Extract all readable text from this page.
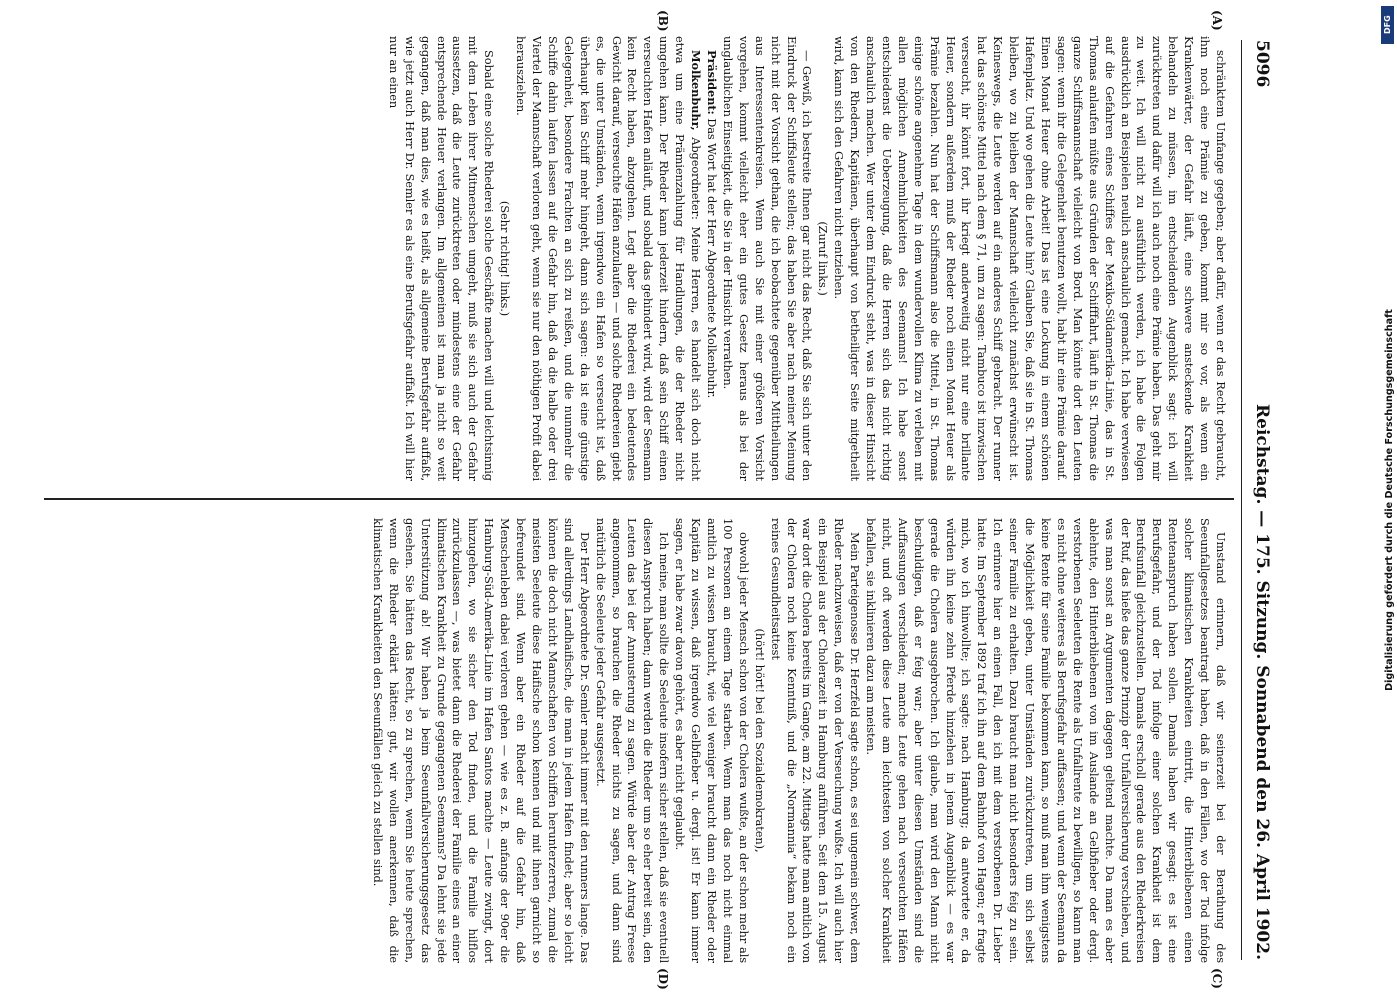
5096
Reichstag. — 175. Sitzung. Sonnabend den 26. April 1902.
(A)
(B)
(C)
(D)

schränktem Umfange gegeben; aber dafür, wenn er das Recht gebraucht, ihm noch eine Prämie zu geben, kommt mir so vor, als wenn ein Krankenwärter, der Gefahr läuft, eine schwere ansteckende Krankheit behandeln zu müssen, im entscheidenden Augenblick sagt: ich will zurücktreten und dafür will ich auch noch eine Prämie haben. Das geht mir zu weit. Ich will nicht zu ausführlich werden, ich habe die Folgen ausdrücklich an Beispielen neulich anschaulich gemacht. Ich habe verwiesen auf die Gefahren eines Schiffes der Mexiko-Südamerika-Linie, das in St. Thomas anlaufen müßte aus Gründen der Schifffahrt, läuft in St. Thomas die ganze Schiffsmannschaft vielleicht von Bord. Man könnte dort den Leuten sagen: wenn ihr die Gelegenheit benutzen wollt, habt ihr eine Prämie darauf. Einen Monat Heuer ohne Arbeit! Das ist eine Lockung in einem schönen Hafenplatz. Und wo gehen die Leute hin? Glauben Sie, daß sie in St. Thomas bleiben, wo zu bleiben der Mannschaft vielleicht zunächst erwünscht ist. Keineswegs, die Leute werden auf ein anderes Schiff gebracht. Der runner hat das schönste Mittel nach dem § 71, um zu sagen: Tambuco ist inzwischen verseucht, ihr könnt fort, ihr kriegt anderweitig nicht nur eine brillante Heuer, sondern außerdem muß der Rheder noch einen Monat Heuer als Prämie bezahlen. Nun hat der Schiffsmann also die Mittel, in St. Thomas einige schöne angenehme Tage in dem wundervollen Klima zu verleben mit allen möglichen Annehmlichkeiten des Seemanns! Ich habe sonst entschiedenst die Ueberzeugung, daß die Herren sich das nicht richtig anschaulich machen. Wer unter dem Eindruck steht, was in dieser Hinsicht von den Rhedern, Kapitänen, überhaupt von betheiligter Seite mitgetheilt wird, kann sich den Gefahren nicht entziehen.

(Zuruf links.)

— Gewiß, ich bestreite Ihnen gar nicht das Recht, daß Sie sich unter den Eindruck der Schiffsleute stellen; das haben Sie aber nach meiner Meinung nicht mit der Vorsicht gethan, die ich beobachtete gegenüber Mittheilungen aus Interessentenkreisen. Wenn auch Sie mit einer größeren Vorsicht vorgehen, kommt vielleicht eher ein gutes Gesetz heraus als bei der unglaublichen Einseitigkeit, die Sie in der Hinsicht verrathen.

Präsident: Das Wort hat der Herr Abgeordnete Molkenbuhr.

Molkenbuhr, Abgeordneter: Meine Herren, es handelt sich doch nicht etwa um eine Prämienzahlung für Handlungen, die der Rheder nicht umgehen kann. Der Rheder kann jederzeit hindern, daß sein Schiff einen verseuchten Hafen anläuft, und sobald das gehindert wird, wird der Seemann kein Recht haben, abzugehen. Legt aber die Rhederei ein bedeutendes Gewicht darauf, verseuchte Häfen anzulaufen — und solche Rhedereien giebt es, die unter Umständen, wenn irgendwo ein Hafen so verseucht ist, daß überhaupt kein Schiff mehr hingeht, dann sich sagen: da ist eine günstige Gelegenheit, besondere Frachten an sich zu reißen, und die nunmehr die Schiffe dahin laufen lassen auf die Gefahr hin, daß da die halbe oder drei Viertel der Mannschaft verloren geht, wenn sie nur den nöthigen Profit dabei herausziehen.

(Sehr richtig! links.)

Sobald eine solche Rhederei solche Geschäfte machen will und leichtsinnig mit dem Leben ihrer Mitmenschen umgeht, muß sie sich auch der Gefahr aussetzen, daß die Leute zurücktreten oder mindestens eine der Gefahr entsprechende Heuer verlangen. Im allgemeinen ist man ja nicht so weit gegangen, daß man dies, wie es heißt, als allgemeine Berufsgefahr auffaßt, wie jetzt auch Herr Dr. Semler es als eine Berufsgefahr auffaßt. Ich will hier nur an einen

Umstand erinnern, daß wir seinerzeit bei der Berathung des Seeunfallgesetzes beantragt haben, daß in den Fällen, wo der Tod infolge solcher klimatischen Krankheiten eintritt, die Hinterbliebenen einen Rentenanspruch haben sollen. Damals haben wir gesagt: es ist eine Berufsgefahr, und der Tod infolge einer solchen Krankheit ist dem Berufsunfall gleichzustellen. Damals erscholl gerade aus den Rhederkreisen der Ruf, das hieße das ganze Prinzip der Unfallversicherung verschieben, und was man sonst an Argumenten dagegen geltend machte. Da man es aber ablehnte, den Hinterbliebenen von im Auslande an Gelbfieber oder dergl. verstorbenen Seeleuten die Rente als Unfallrente zu bewilligen, so kann man es nicht ohne weiteres als Berufsgefahr auffassen; und wenn der Seemann da keine Rente für seine Familie bekommen kann, so muß man ihm wenigstens die Möglichkeit geben, unter Umständen zurückzutreten, um sich selbst seiner Familie zu erhalten. Dazu braucht man nicht besonders feig zu sein. Ich erinnere hier an einen Fall, den ich mit dem verstorbenen Dr. Lieber hatte. Im September 1892 traf ich ihn auf dem Bahnhof von Hagen; er fragte mich, wo ich hinwollte; ich sagte: nach Hamburg; da antwortete er, da würden ihn keine zehn Pferde hinziehen in jenem Augenblick — es war gerade die Cholera ausgebrochen. Ich glaube, man wird den Mann nicht beschuldigen, daß er feig war; aber unter diesen Umständen sind die Auffassungen verschieden; manche Leute gehen nach verseuchten Häfen nicht, und oft werden diese Leute am leichtesten von solcher Krankheit befallen, sie inklinieren dazu am meisten.

Mein Parteigenosse Dr. Herzfeld sagte schon, es sei ungemein schwer, dem Rheder nachzuweisen, daß er von der Verseuchung wußte. Ich will auch hier ein Beispiel aus der Cholerazeit in Hamburg anführen. Seit dem 15. August war dort die Cholera bereits im Gange, am 22. Mittags hatte man amtlich von der Cholera noch keine Kenntniß, und die „Normannia“ bekam noch ein reines Gesundheitsattest

(hört! hört! bei den Sozialdemokraten),

obwohl jeder Mensch schon von der Cholera wußte, an der schon mehr als 100 Personen an einem Tage starben. Wenn man das noch nicht einmal amtlich zu wissen braucht, wie viel weniger braucht dann ein Rheder oder Kapitän zu wissen, daß irgendwo Gelbfieber u. dergl. ist! Er kann immer sagen, er habe zwar davon gehört, es aber nicht geglaubt.

Ich meine, man sollte die Seeleute insofern sicher stellen, daß sie eventuell diesen Anspruch haben; dann werden die Rheder um so eher bereit sein, den Leuten das bei der Anmusterung zu sagen. Würde aber der Antrag Freese angenommen, so brauchen die Rheder nichts zu sagen, und dann sind natürlich die Seeleute jeder Gefahr ausgesetzt.

Der Herr Abgeordnete Dr. Semler macht immer mit den runners lange. Das sind allerdings Landhaifische, die man in jedem Hafen findet; aber so leicht können die doch nicht Mannschaften von Schiffen herunterzerren, zumal die meisten Seeleute diese Haifische schon kennen und mit ihnen garnicht so befreundet sind. Wenn aber ein Rheder auf die Gefahr hin, daß Menschenleben dabei verloren gehen — wie es z. B. anfangs der 90er die Hamburg-Süd-Amerika-Linie im Hafen Santos machte — Leute zwingt, dort hinzugehen, wo sie sicher den Tod finden, und die Familie hilflos zurückzulassen —, was bietet dann die Rhederei der Familie eines an einer klimatischen Krankheit zu Grunde gegangenen Seemanns? Da lehnt sie jede Unterstützung ab! Wir haben ja beim Seeunfallversicherungsgesetz das gesehen. Sie hätten das Recht, so zu sprechen, wenn Sie heute sprechen, wenn die Rheder erklärt hätten: gut, wir wollen anerkennen, daß die klimatischen Krankheiten den Seeunfällen gleich zu stellen sind.

DFG
Digitalisierung gefördert durch die Deutsche Forschungsgemeinschaft
